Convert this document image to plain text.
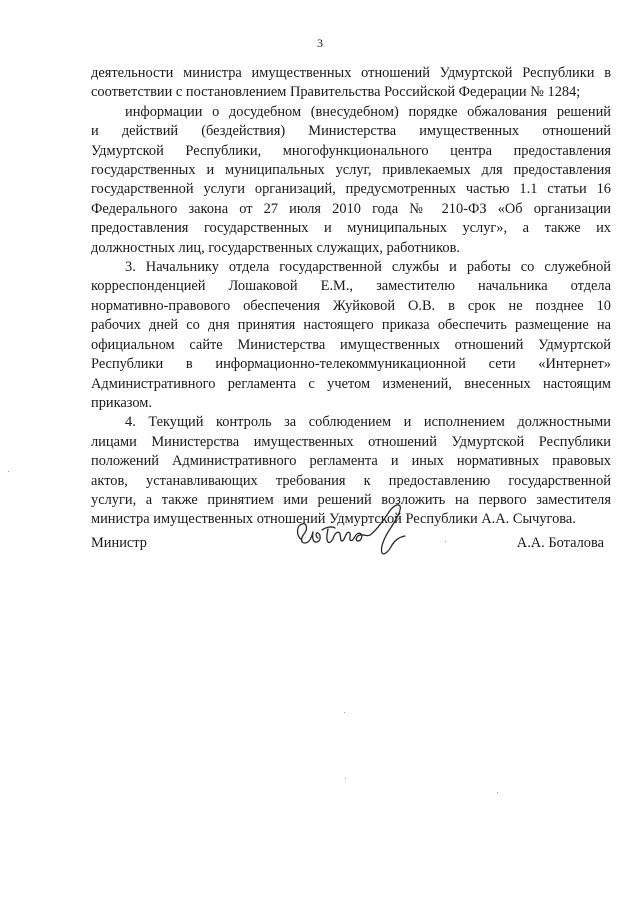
3

деятельности министра имущественных отношений Удмуртской Республики в
соответствии с постановлением Правительства Российской Федерации № 1284;

информации о досудебном (внесудебном) порядке обжалования решений
и действий (бездействия) Министерства имущественных отношений
Удмуртской Республики, многофункционального центра предоставления
государственных и муниципальных услуг, привлекаемых для предоставления
государственной услуги организаций, предусмотренных частью 1.1 статьи 16
Федерального закона от 27 июля 2010 года № 210-ФЗ «Об организации
предоставления государственных и муниципальных услуг», а также их
должностных лиц, государственных служащих, работников.

3. Начальнику отдела государственной службы и работы со служебной
корреспонденцией Лошаковой Е.М., заместителю начальника отдела
нормативно-правового обеспечения Жуйковой О.В. в срок не позднее 10
рабочих дней со дня принятия настоящего приказа обеспечить размещение на
официальном сайте Министерства имущественных отношений Удмуртской
Республики в информационно-телекоммуникационной сети «Интернет»
Административного регламента с учетом изменений, внесенных настоящим
приказом.

4. Текущий контроль за соблюдением и исполнением должностными
лицами Министерства имущественных отношений Удмуртской Республики
положений Административного регламента и иных нормативных правовых
актов, устанавливающих требования к предоставлению государственной
услуги, а также принятием ими решений возложить на первого заместителя
министра имущественных отношений Удмуртской Республики А.А. Сычугова.

Министр	А.А. Боталова
